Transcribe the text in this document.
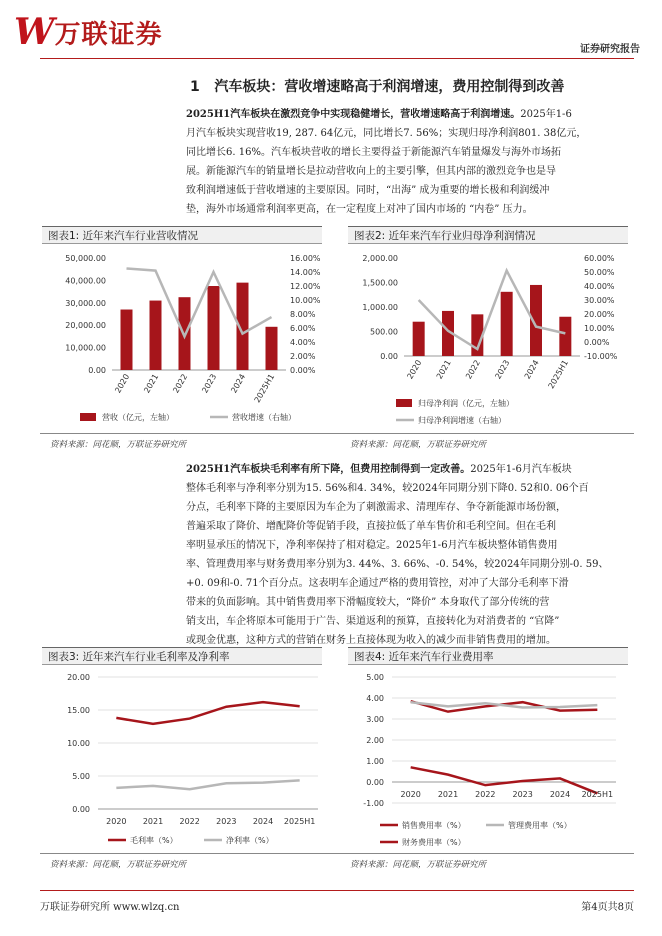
W 万联证券	证券研究报告
1 汽车板块：营收增速略高于利润增速，费用控制得到改善
2025H1汽车板块在激烈竞争中实现稳健增长，营收增速略高于利润增速。2025年1-6
月汽车板块实现营收19, 287. 64亿元，同比增长7. 56%；实现归母净利润801. 38亿元，
同比增长6. 16%。汽车板块营收的增长主要得益于新能源汽车销量爆发与海外市场拓
展。新能源汽车的销量增长是拉动营收向上的主要引擎，但其内部的激烈竞争也是导
致利润增速低于营收增速的主要原因。同时，“出海” 成为重要的增长极和利润缓冲
垫，海外市场通常利润率更高，在一定程度上对冲了国内市场的 “内卷” 压力。
图表1: 近年来汽车行业营收情况	图表2: 近年来汽车行业归母净利润情况
0.00
10,000.00
20,000.00
30,000.00
40,000.00
50,000.00
0.00%
2.00%
4.00%
6.00%
8.00%
10.00%
12.00%
14.00%
16.00%
2020 2021 2022 2023 2024 2025H1
营收（亿元，左轴）	营收增速（右轴）
0.00
500.00
1,000.00
1,500.00
2,000.00
-10.00%
0.00%
10.00%
20.00%
30.00%
40.00%
50.00%
60.00%
2020 2021 2022 2023 2024 2025H1
归母净利润（亿元，左轴）
归母净利润增速（右轴）
资料来源：同花顺，万联证券研究所	资料来源：同花顺，万联证券研究所
2025H1汽车板块毛利率有所下降，但费用控制得到一定改善。2025年1-6月汽车板块
整体毛利率与净利率分别为15. 56%和4. 34%，较2024年同期分别下降0. 52和0. 06个百
分点，毛利率下降的主要原因为车企为了刺激需求、清理库存、争夺新能源市场份额，
普遍采取了降价、增配降价等促销手段，直接拉低了单车售价和毛利空间。但在毛利
率明显承压的情况下，净利率保持了相对稳定。2025年1-6月汽车板块整体销售费用
率、管理费用率与财务费用率分别为3. 44%、3. 66%、-0. 54%，较2024年同期分别-0. 59、
+0. 09和-0. 71个百分点。这表明车企通过严格的费用管控，对冲了大部分毛利率下滑
带来的负面影响。其中销售费用率下滑幅度较大，“降价” 本身取代了部分传统的营
销支出，车企将原本可能用于广告、渠道返利的预算，直接转化为对消费者的 “官降”
或现金优惠，这种方式的营销在财务上直接体现为收入的减少而非销售费用的增加。
图表3: 近年来汽车行业毛利率及净利率	图表4: 近年来汽车行业费用率
0.00
5.00
10.00
15.00
20.00
2020 2021 2022 2023 2024 2025H1
毛利率（%）	净利率（%）
-1.00
0.00
1.00
2.00
3.00
4.00
5.00
2020 2021 2022 2023 2024 2025H1
销售费用率（%）	管理费用率（%）
财务费用率（%）
资料来源：同花顺，万联证券研究所	资料来源：同花顺，万联证券研究所
万联证券研究所 www.wlzq.cn	第4页共8页
